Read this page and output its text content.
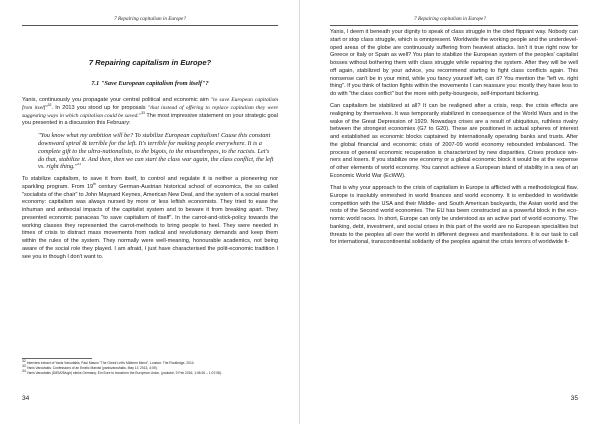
7 Repairing capitalism in Europe?
7 Repairing capitalism in Europe?
7.1 "Save European capitalism from itself"?

Yanis, continuously you propagate your central political and economic aim "to save European capitalism from itself"$^{32}$. In 2013 you stood up for proposals "that instead of offering to replace capitalism they were suggesting ways in which capitalism could be saved."$^{33}$ The most impressive statement on your strategic goal you presented in a discussion this February:

"You know what my ambition will be? To stabilize European capitalism! Cause this constant downward spiral & terrible for the left. It's terrible for making people everywhere. It is a complete gift to the ultra-nationalists, to the bigots, to the misanthropes, to the racists. Let's do that, stabilize it. And then, then we can start the class war again, the class conflict, the left vs. right thing."$^{34}$

To stabilize capitalism, to save it from itself, to control and regulate it is neither a pioneering nor sparkling program. From 19th century German-Austrian historical school of economics, the so called "socialists of the chair" to John Maynard Keynes, American New Deal, and the system of a social market economy: capitalism was always nursed by more or less leftish economists. They tried to ease the inhuman and antisocial impacts of the capitalist system and to beware it from breaking apart. They presented economic panaceas "to save capitalism of itself". In the carrot-and-stick-policy towards the working classes they represented the carrot-methods to bring people to heel. They were needed in times of crisis to distract mass movements from radical and revolutionary demands and keep them within the rules of the system. They normally were well-meaning, honourable academics, not being aware of the social role they played. I am afraid, I just have characterised the polit-economic tradition I see you in though I don't want to.

$^{32}$ Interview extract of Yanis Varoufakis, Paul Mason "The Greek Left's Midterm Mend", London: The Routledge, 2014.

$^{33}$ Yanis Varoufakis: Confessions of an Erratic Marxist (yanisvaroufakis, May 13  2013, 4:09).

$^{34}$ Yanis Varoufakis (DiEM25/ugh) stinks Germany: Ein Eure to transform the European Union, (youtube, 9 Feb 2016, 1:06:26 – 1:07:08).

34
7 Repairing capitalism in Europe?

Yanis, I deem it beneath your dignity to speak of class struggle in the cited flippant way. Nobody can start or stop class struggle, which is omnipresent. Worldwide the working people and the underdeveloped areas of the globe are continuously suffering from heaviest attacks. Isn't it true right now for Greece or Italy or Spain as well? You plan to stabilize the European system of the peoples' capitalist bosses without bothering them with class struggle while repairing the system. After they will be well off again, stabilized by your advice, you recommend starting to fight class conflicts again. This nonsense can't be in your mind, while you fancy yourself left, can it? You mention the "left vs. right thing". If you think of faction fights within the movements I can reassure you: mostly they have less to do with "the class conflict" but the more with petty-bourgeois, self-important bickering.

Can capitalism be stabilized at all? It can be realigned after a crisis, resp. the crisis effects are realigning by themselves. It was temporarily stabilized in consequence of the World Wars and in the wake of the Great Depression of 1929. Nowadays crises are a result of ubiquitous, ruthless rivalry between the strongest economies (G7 to G20). These are positioned in actual spheres of interest and established as economic blocks captained by internationally operating banks and trusts. After the global financial and economic crisis of 2007-09 world economy rebounded imbalanced. The process of general economic recuperation is characterized by new disparities. Crises produce winners and losers. If you stabilize one economy or a global economic block it would be at the expense of other elements of world economy. You cannot achieve a European island of stability in a sea of an Economic World War (EcWW).

That is why your approach to the crisis of capitalism in Europe is afflicted with a methodological flaw. Europe is insolubly enmeshed in world finances and world economy. It is embedded in worldwide competition with the USA and their Middle- and South American backyards, the Asian world and the rests of the Second world economies. The EU has been constructed as a powerful block in the economic world races. In short, Europe can only be understood as an active part of world economy. The banking, debt, investment, and social crises in this part of the world are no European specialities but threats to the peoples all over the world in different degrees and manifestations. It is our task to call for international, transcontinental solidarity of the peoples against the crisis terrors of worldwide fi-

35
